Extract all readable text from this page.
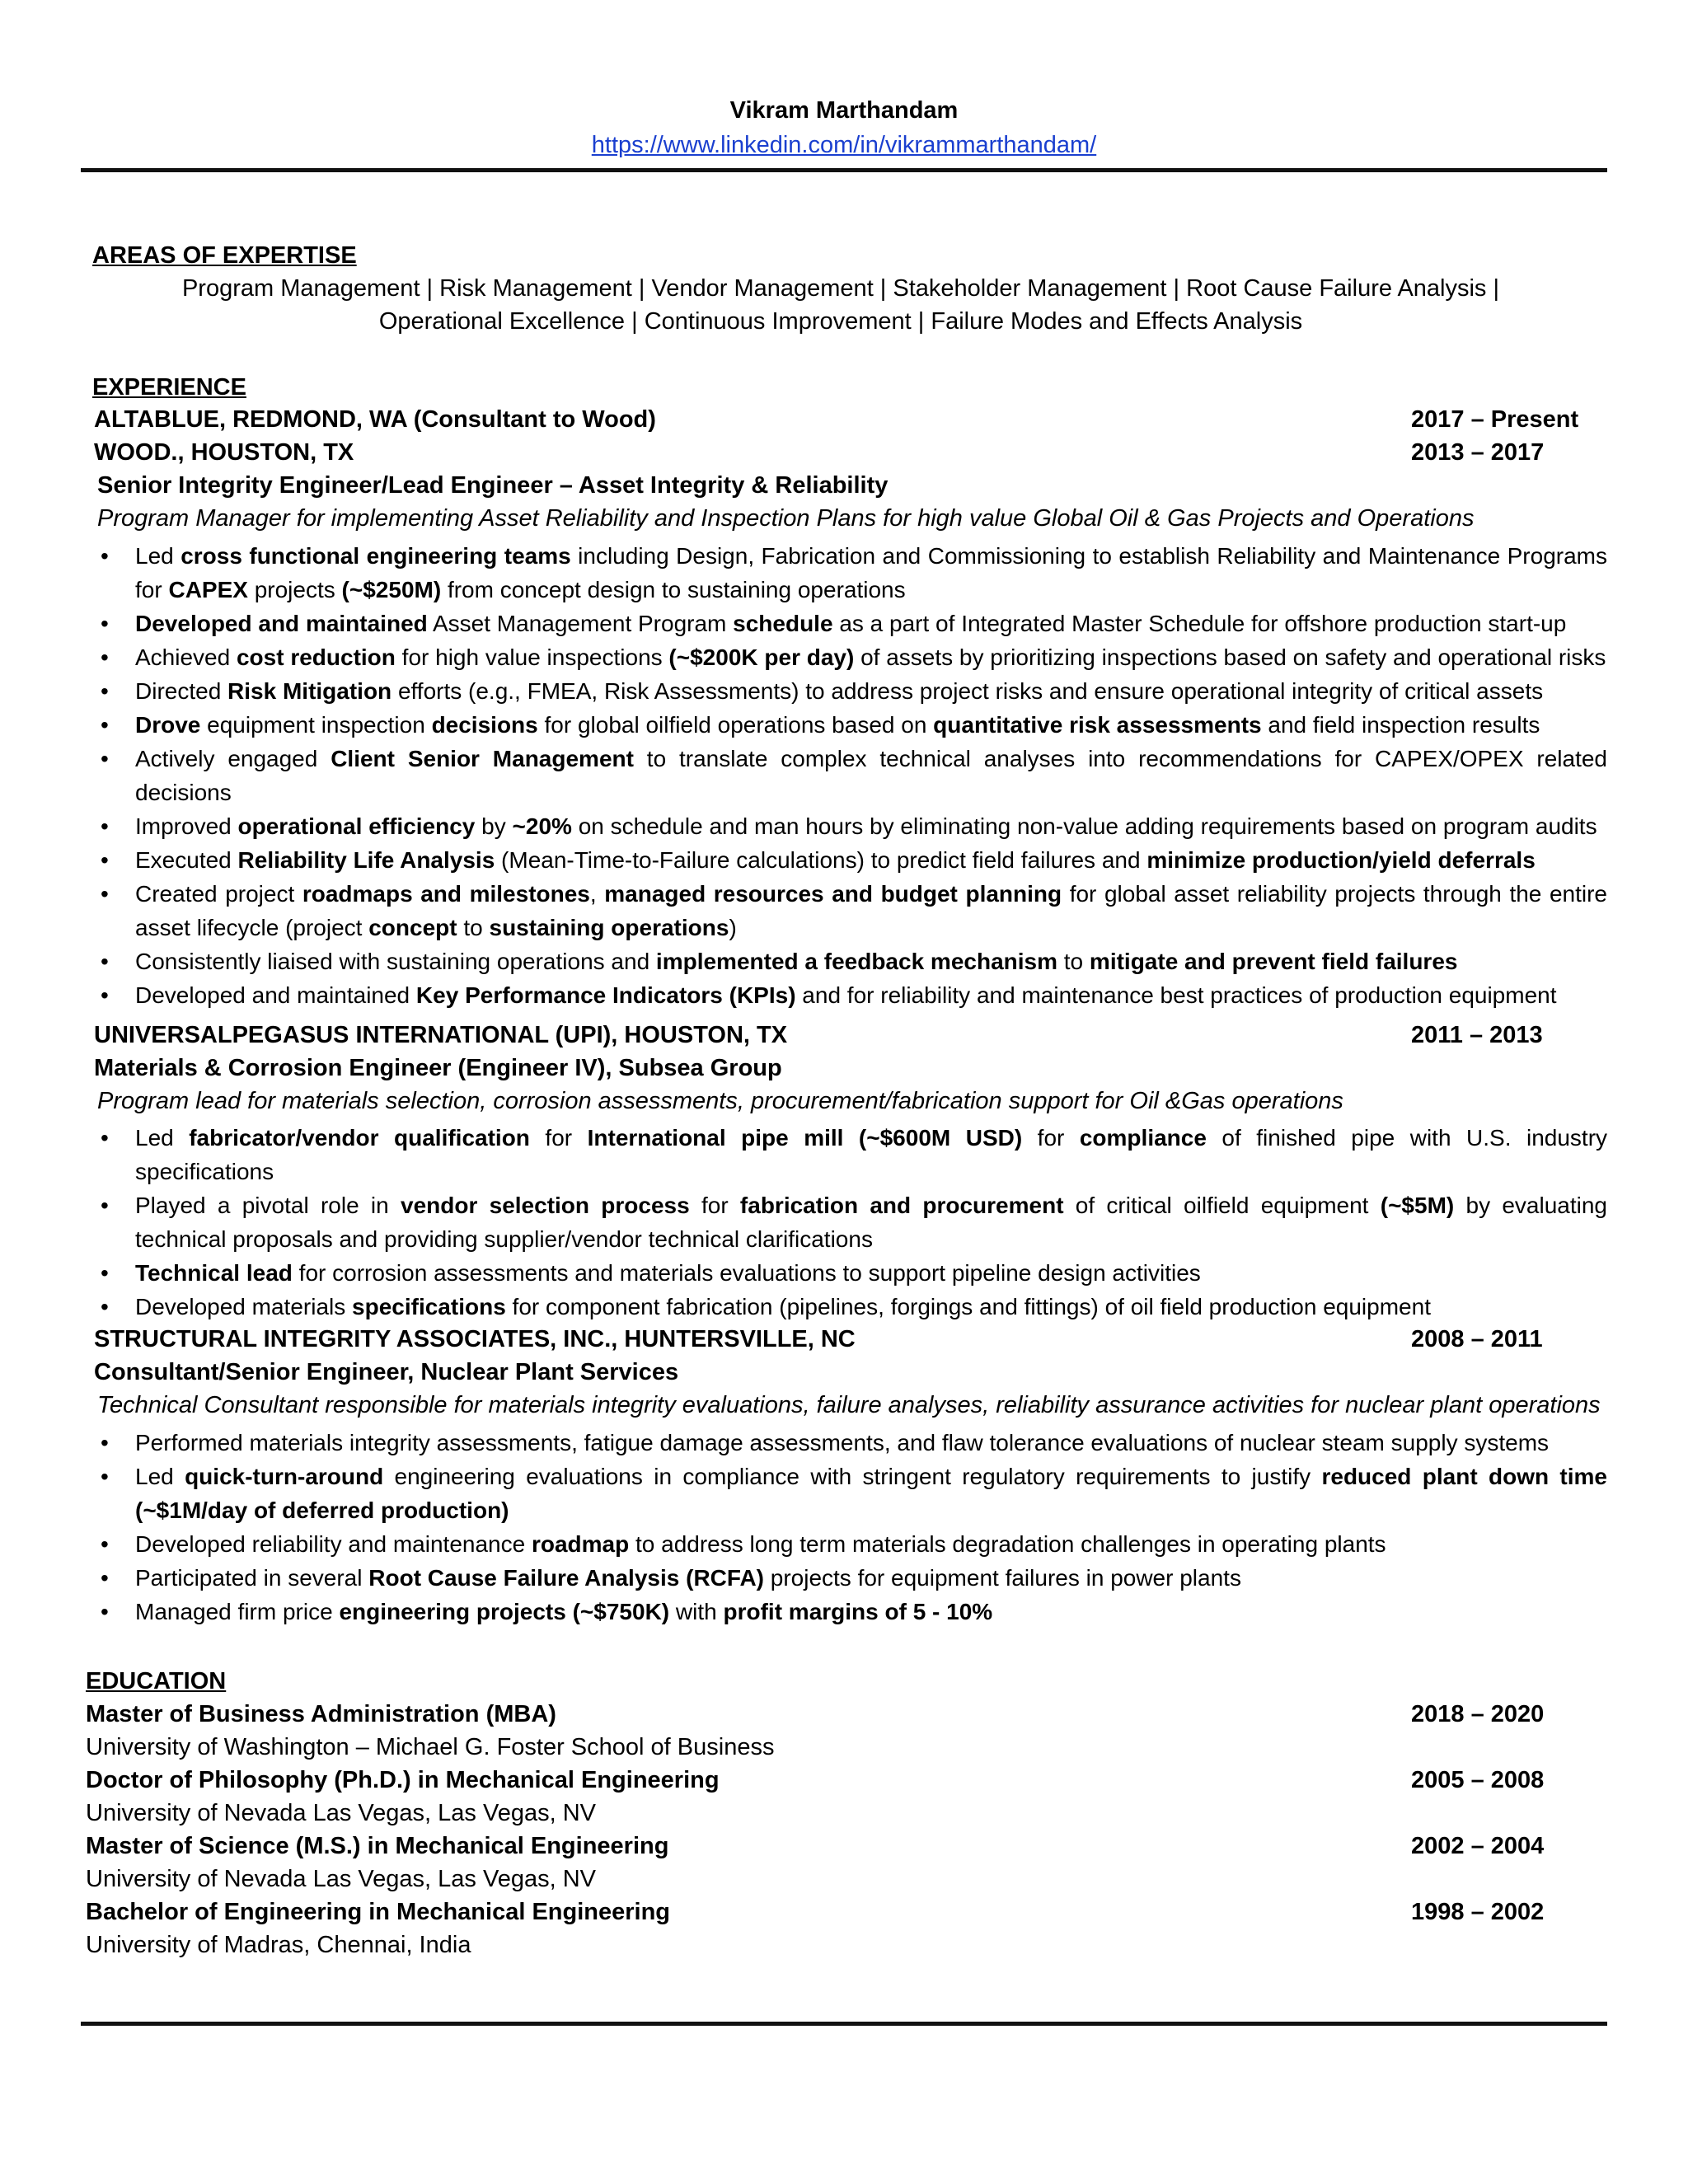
Vikram Marthandam
https://www.linkedin.com/in/vikrammarthandam/
AREAS OF EXPERTISE
Program Management | Risk Management | Vendor Management | Stakeholder Management | Root Cause Failure Analysis |
Operational Excellence | Continuous Improvement | Failure Modes and Effects Analysis
EXPERIENCE
ALTABLUE, REDMOND, WA (Consultant to Wood)	2017 – Present
WOOD., HOUSTON, TX	2013 – 2017
Senior Integrity Engineer/Lead Engineer – Asset Integrity & Reliability
Program Manager for implementing Asset Reliability and Inspection Plans for high value Global Oil & Gas Projects and Operations
• Led cross functional engineering teams including Design, Fabrication and Commissioning to establish Reliability and Maintenance Programs for CAPEX projects (~$250M) from concept design to sustaining operations
• Developed and maintained Asset Management Program schedule as a part of Integrated Master Schedule for offshore production start-up
• Achieved cost reduction for high value inspections (~$200K per day) of assets by prioritizing inspections based on safety and operational risks
• Directed Risk Mitigation efforts (e.g., FMEA, Risk Assessments) to address project risks and ensure operational integrity of critical assets
• Drove equipment inspection decisions for global oilfield operations based on quantitative risk assessments and field inspection results
• Actively engaged Client Senior Management to translate complex technical analyses into recommendations for CAPEX/OPEX related decisions
• Improved operational efficiency by ~20% on schedule and man hours by eliminating non-value adding requirements based on program audits
• Executed Reliability Life Analysis (Mean-Time-to-Failure calculations) to predict field failures and minimize production/yield deferrals
• Created project roadmaps and milestones, managed resources and budget planning for global asset reliability projects through the entire asset lifecycle (project concept to sustaining operations)
• Consistently liaised with sustaining operations and implemented a feedback mechanism to mitigate and prevent field failures
• Developed and maintained Key Performance Indicators (KPIs) and for reliability and maintenance best practices of production equipment
UNIVERSALPEGASUS INTERNATIONAL (UPI), HOUSTON, TX	2011 – 2013
Materials & Corrosion Engineer (Engineer IV), Subsea Group
Program lead for materials selection, corrosion assessments, procurement/fabrication support for Oil &Gas operations
• Led fabricator/vendor qualification for International pipe mill (~$600M USD) for compliance of finished pipe with U.S. industry specifications
• Played a pivotal role in vendor selection process for fabrication and procurement of critical oilfield equipment (~$5M) by evaluating technical proposals and providing supplier/vendor technical clarifications
• Technical lead for corrosion assessments and materials evaluations to support pipeline design activities
• Developed materials specifications for component fabrication (pipelines, forgings and fittings) of oil field production equipment
STRUCTURAL INTEGRITY ASSOCIATES, INC., HUNTERSVILLE, NC	2008 – 2011
Consultant/Senior Engineer, Nuclear Plant Services
Technical Consultant responsible for materials integrity evaluations, failure analyses, reliability assurance activities for nuclear plant operations
• Performed materials integrity assessments, fatigue damage assessments, and flaw tolerance evaluations of nuclear steam supply systems
• Led quick-turn-around engineering evaluations in compliance with stringent regulatory requirements to justify reduced plant down time (~$1M/day of deferred production)
• Developed reliability and maintenance roadmap to address long term materials degradation challenges in operating plants
• Participated in several Root Cause Failure Analysis (RCFA) projects for equipment failures in power plants
• Managed firm price engineering projects (~$750K) with profit margins of 5 - 10%
EDUCATION
Master of Business Administration (MBA)	2018 – 2020
University of Washington – Michael G. Foster School of Business
Doctor of Philosophy (Ph.D.) in Mechanical Engineering	2005 – 2008
University of Nevada Las Vegas, Las Vegas, NV
Master of Science (M.S.) in Mechanical Engineering	2002 – 2004
University of Nevada Las Vegas, Las Vegas, NV
Bachelor of Engineering in Mechanical Engineering	1998 – 2002
University of Madras, Chennai, India
